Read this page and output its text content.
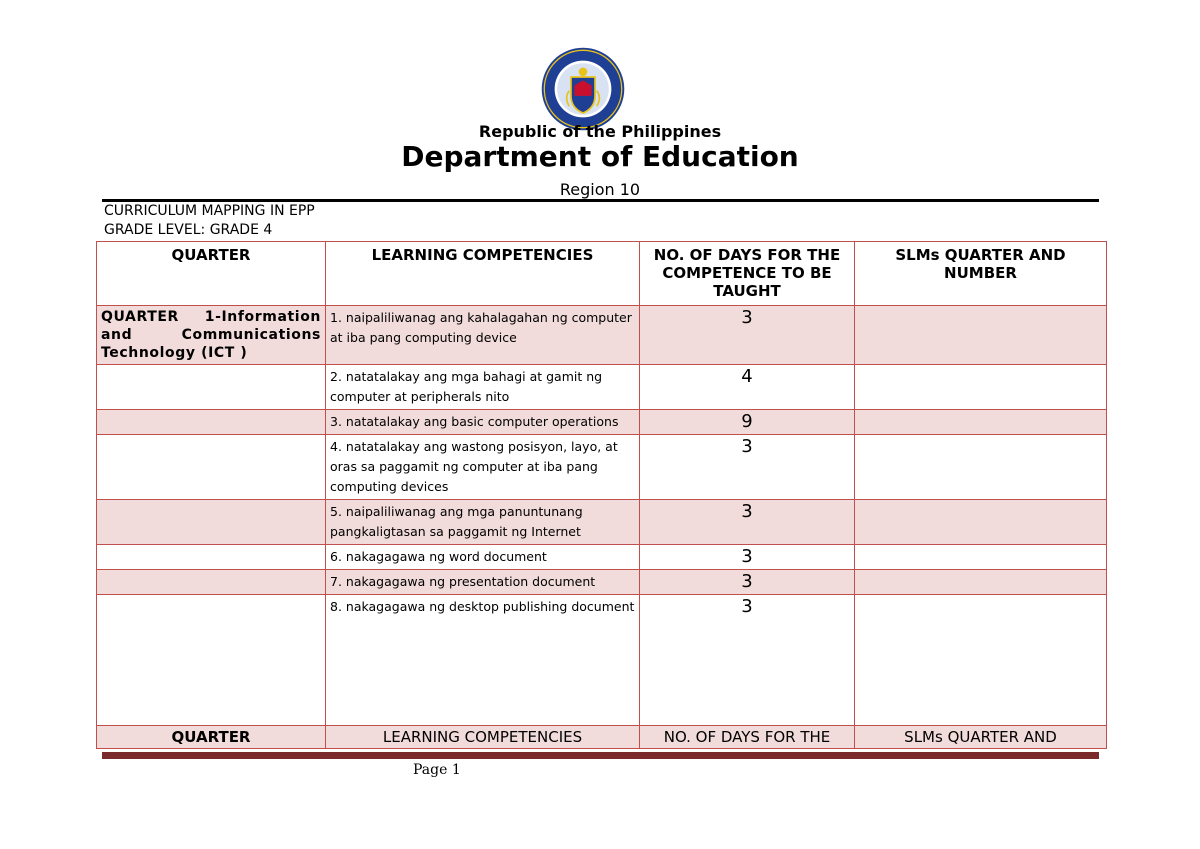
Republic of the Philippines
Department of Education
Region 10
CURRICULUM MAPPING IN EPP
GRADE LEVEL: GRADE 4
QUARTER	LEARNING COMPETENCIES	NO. OF DAYS FOR THE COMPETENCE TO BE TAUGHT	SLMs QUARTER AND NUMBER
QUARTER 1-Information and Communications Technology (ICT )	1. naipaliliwanag ang kahalagahan ng computer at iba pang computing device	3	
	2. natatalakay ang mga bahagi at gamit ng computer at peripherals nito	4	
	3. natatalakay ang basic computer operations	9	
	4. natatalakay ang wastong posisyon, layo, at oras sa paggamit ng computer at iba pang computing devices	3	
	5. naipaliliwanag ang mga panuntunang pangkaligtasan sa paggamit ng Internet	3	
	6. nakagagawa ng word document	3	
	7. nakagagawa ng presentation document	3	
	8. nakagagawa ng desktop publishing document	3	
QUARTER	LEARNING COMPETENCIES	NO. OF DAYS FOR THE	SLMs QUARTER AND
Page 1
